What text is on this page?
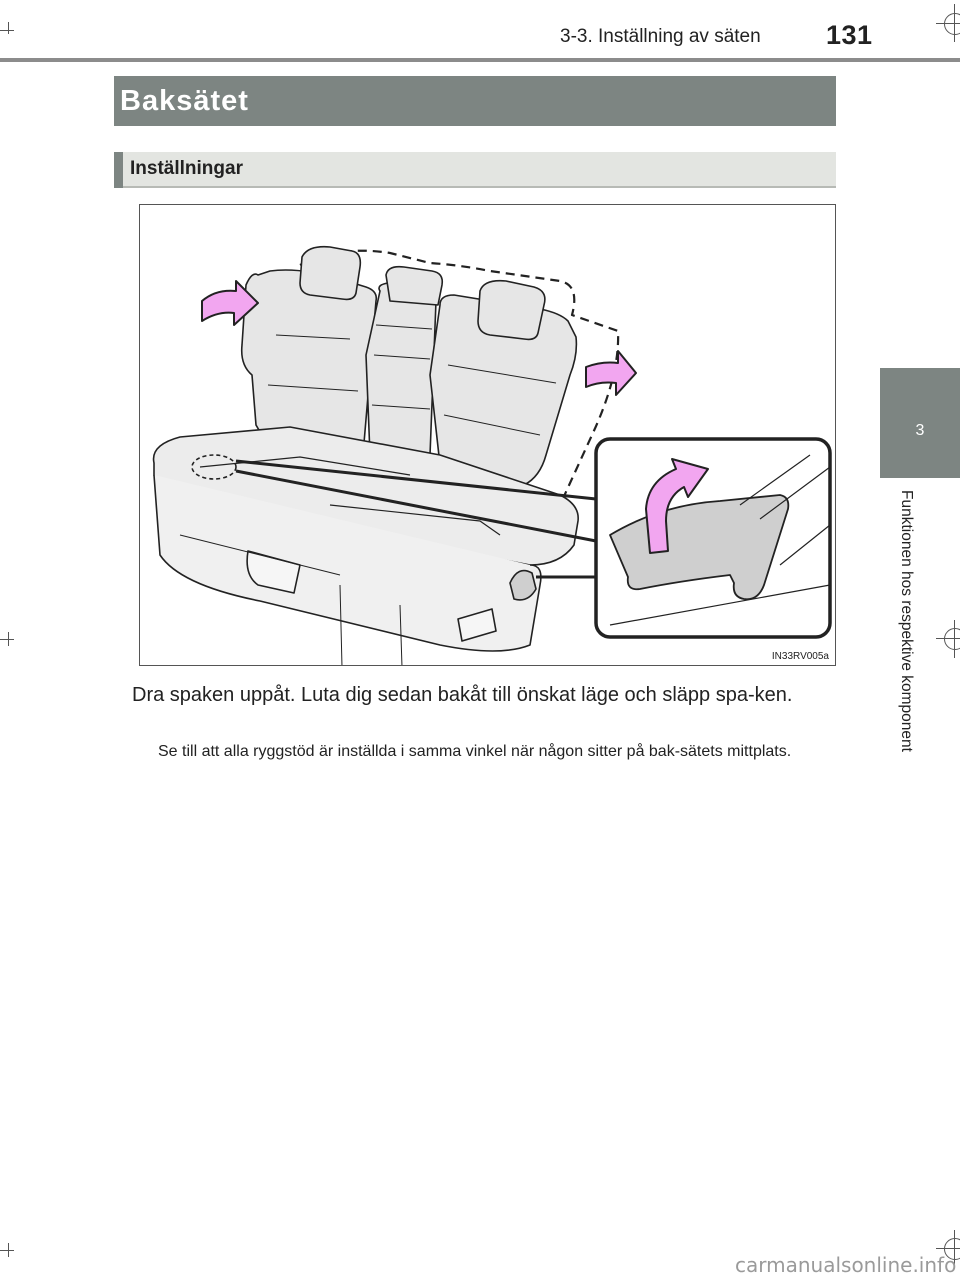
3-3. Inställning av säten 131
Baksätet
Inställningar
3
Funktionen hos respektive komponent
IN33RV005a
Dra spaken uppåt. Luta dig sedan bakåt till önskat läge och släpp spa-ken.
Se till att alla ryggstöd är inställda i samma vinkel när någon sitter på bak-sätets mittplats.
carmanualsonline.info
